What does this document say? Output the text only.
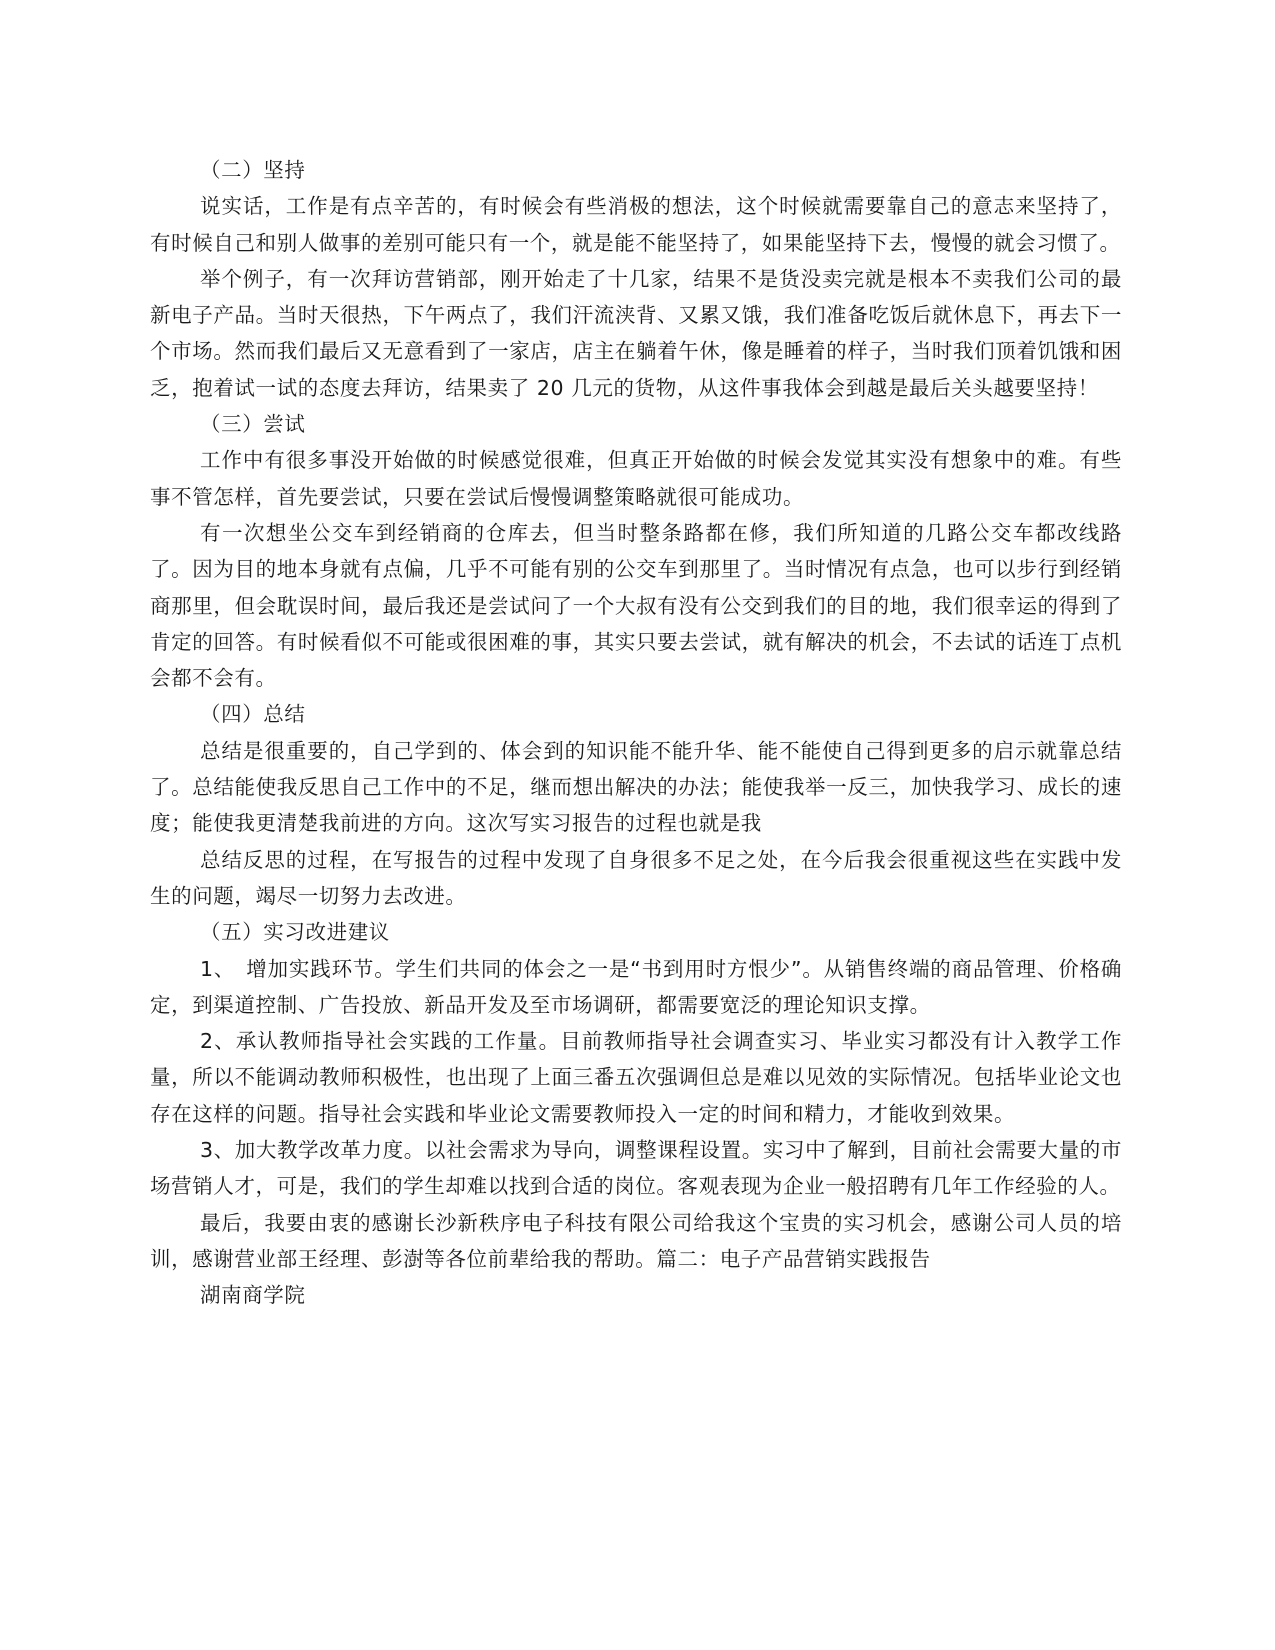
（二）坚持

说实话，工作是有点辛苦的，有时候会有些消极的想法，这个时候就需要靠自己的意志来坚持了，有时候自己和别人做事的差别可能只有一个，就是能不能坚持了，如果能坚持下去，慢慢的就会习惯了。

举个例子，有一次拜访营销部，刚开始走了十几家，结果不是货没卖完就是根本不卖我们公司的最新电子产品。当时天很热，下午两点了，我们汗流浃背、又累又饿，我们准备吃饭后就休息下，再去下一个市场。然而我们最后又无意看到了一家店，店主在躺着午休，像是睡着的样子，当时我们顶着饥饿和困乏，抱着试一试的态度去拜访，结果卖了 20 几元的货物，从这件事我体会到越是最后关头越要坚持！

（三）尝试

工作中有很多事没开始做的时候感觉很难，但真正开始做的时候会发觉其实没有想象中的难。有些事不管怎样，首先要尝试，只要在尝试后慢慢调整策略就很可能成功。

有一次想坐公交车到经销商的仓库去，但当时整条路都在修，我们所知道的几路公交车都改线路了。因为目的地本身就有点偏，几乎不可能有别的公交车到那里了。当时情况有点急，也可以步行到经销商那里，但会耽误时间，最后我还是尝试问了一个大叔有没有公交到我们的目的地，我们很幸运的得到了肯定的回答。有时候看似不可能或很困难的事，其实只要去尝试，就有解决的机会，不去试的话连丁点机会都不会有。

（四）总结

总结是很重要的，自己学到的、体会到的知识能不能升华、能不能使自己得到更多的启示就靠总结了。总结能使我反思自己工作中的不足，继而想出解决的办法；能使我举一反三，加快我学习、成长的速度；能使我更清楚我前进的方向。这次写实习报告的过程也就是我

总结反思的过程，在写报告的过程中发现了自身很多不足之处，在今后我会很重视这些在实践中发生的问题，竭尽一切努力去改进。

（五）实习改进建议

1、　增加实践环节。学生们共同的体会之一是“书到用时方恨少”。从销售终端的商品管理、价格确定，到渠道控制、广告投放、新品开发及至市场调研，都需要宽泛的理论知识支撑。

2、承认教师指导社会实践的工作量。目前教师指导社会调查实习、毕业实习都没有计入教学工作量，所以不能调动教师积极性，也出现了上面三番五次强调但总是难以见效的实际情况。包括毕业论文也存在这样的问题。指导社会实践和毕业论文需要教师投入一定的时间和精力，才能收到效果。

3、加大教学改革力度。以社会需求为导向，调整课程设置。实习中了解到，目前社会需要大量的市场营销人才，可是，我们的学生却难以找到合适的岗位。客观表现为企业一般招聘有几年工作经验的人。

最后，我要由衷的感谢长沙新秩序电子科技有限公司给我这个宝贵的实习机会，感谢公司人员的培训，感谢营业部王经理、彭澍等各位前辈给我的帮助。篇二：电子产品营销实践报告

湖南商学院
